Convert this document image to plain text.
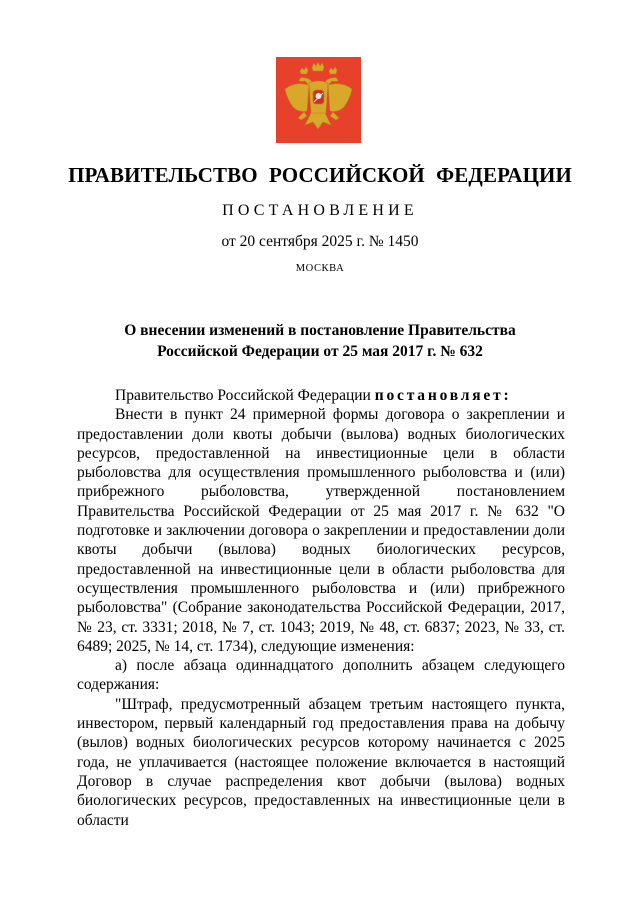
ПРАВИТЕЛЬСТВО РОССИЙСКОЙ ФЕДЕРАЦИИ
ПОСТАНОВЛЕНИЕ
от 20 сентября 2025 г. № 1450
МОСКВА
О внесении изменений в постановление Правительства
Российской Федерации от 25 мая 2017 г. № 632

Правительство Российской Федерации постановляет:

Внести в пункт 24 примерной формы договора о закреплении и предоставлении доли квоты добычи (вылова) водных биологических ресурсов, предоставленной на инвестиционные цели в области рыболовства для осуществления промышленного рыболовства и (или) прибрежного рыболовства, утвержденной постановлением Правительства Российской Федерации от 25 мая 2017 г. № 632 "О подготовке и заключении договора о закреплении и предоставлении доли квоты добычи (вылова) водных биологических ресурсов, предоставленной на инвестиционные цели в области рыболовства для осуществления промышленного рыболовства и (или) прибрежного рыболовства" (Собрание законодательства Российской Федерации, 2017, № 23, ст. 3331; 2018, № 7, ст. 1043; 2019, № 48, ст. 6837; 2023, № 33, ст. 6489; 2025, № 14, ст. 1734), следующие изменения:

а) после абзаца одиннадцатого дополнить абзацем следующего содержания:

"Штраф, предусмотренный абзацем третьим настоящего пункта, инвестором, первый календарный год предоставления права на добычу (вылов) водных биологических ресурсов которому начинается с 2025 года, не уплачивается (настоящее положение включается в настоящий Договор в случае распределения квот добычи (вылова) водных биологических ресурсов, предоставленных на инвестиционные цели в области
